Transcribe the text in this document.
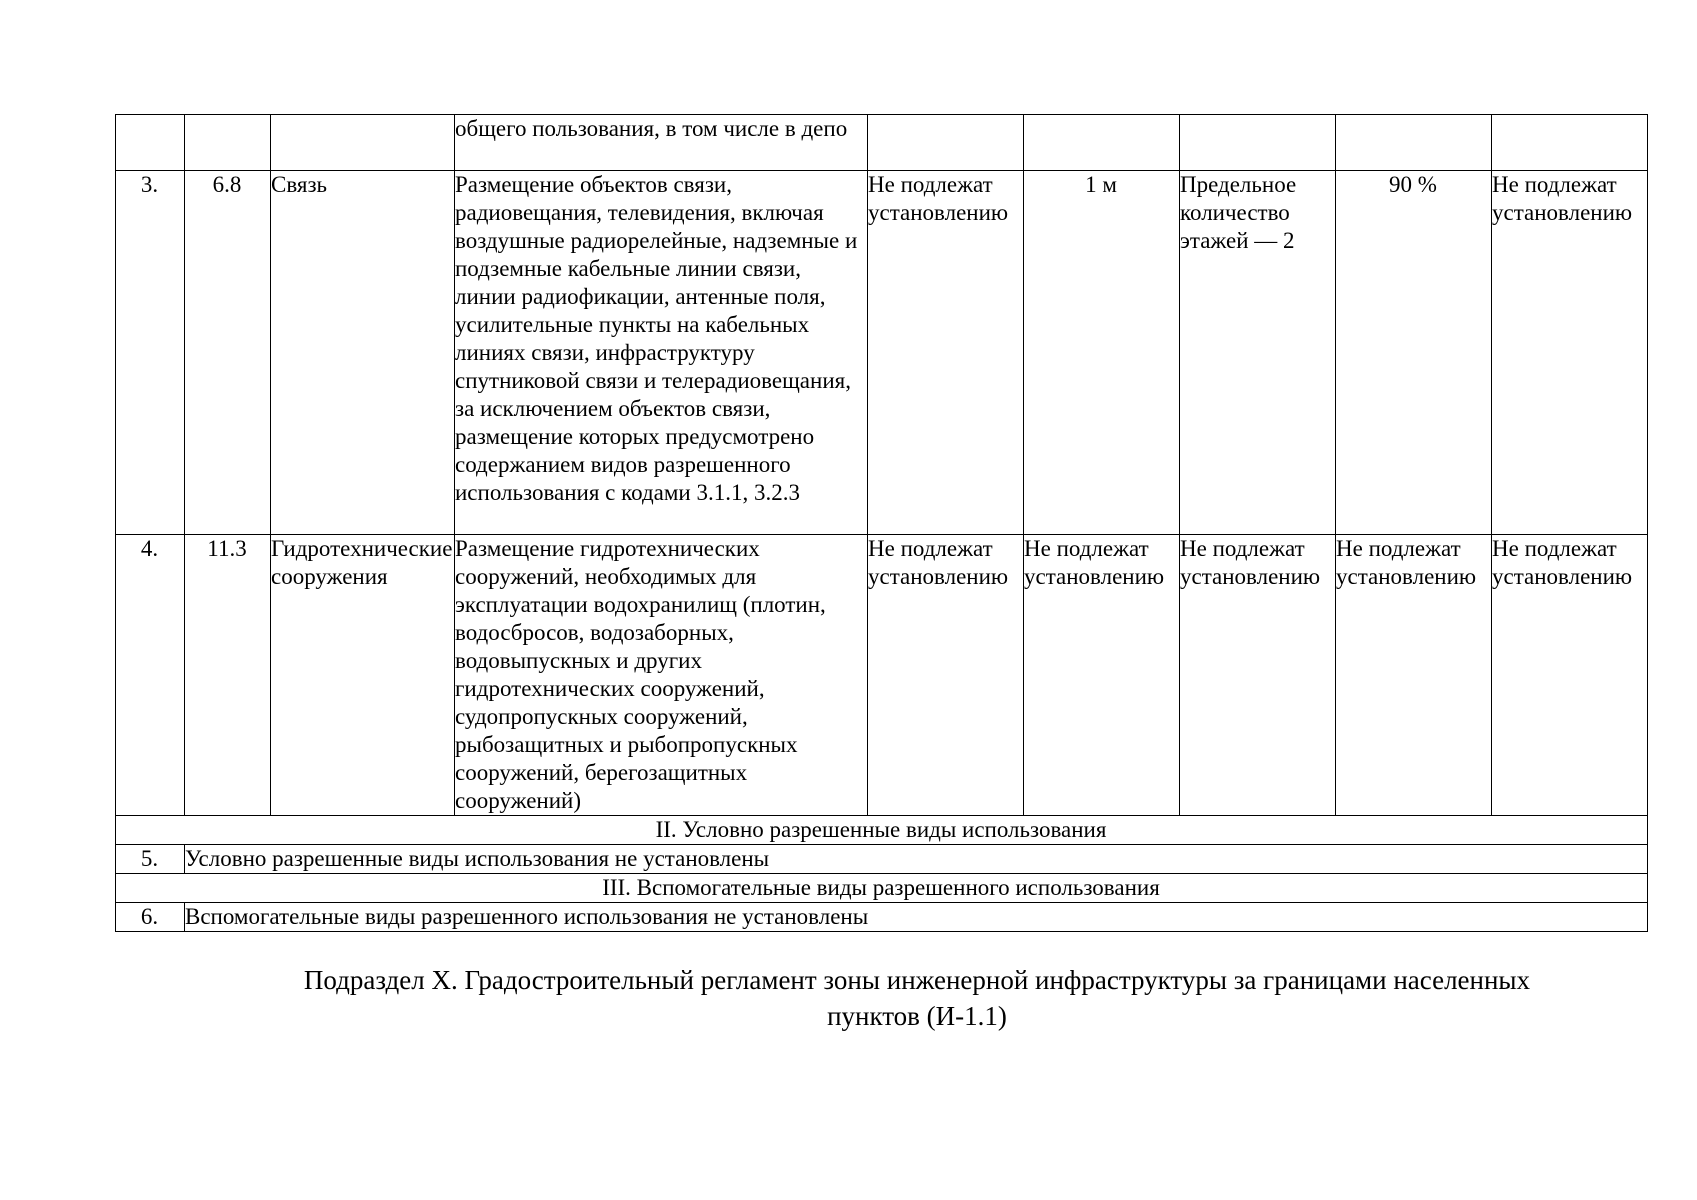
			общего пользования, в том числе в депо					
3.	6.8	Связь	Размещение объектов связи, радиовещания, телевидения, включая воздушные радиорелейные, надземные и подземные кабельные линии связи, линии радиофикации, антенные поля, усилительные пункты на кабельных линиях связи, инфраструктуру спутниковой связи и телерадиовещания, за исключением объектов связи, размещение которых предусмотрено содержанием видов разрешенного использования с кодами 3.1.1, 3.2.3	Не подлежат установлению	1 м	Предельное количество этажей — 2	90 %	Не подлежат установлению
4.	11.3	Гидротехнические сооружения	Размещение гидротехнических сооружений, необходимых для эксплуатации водохранилищ (плотин, водосбросов, водозаборных, водовыпускных и других гидротехнических сооружений, судопропускных сооружений, рыбозащитных и рыбопропускных сооружений, берегозащитных сооружений)	Не подлежат установлению	Не подлежат установлению	Не подлежат установлению	Не подлежат установлению	Не подлежат установлению
II. Условно разрешенные виды использования								
5.	Условно разрешенные виды использования не установлены							
III. Вспомогательные виды разрешенного использования								
6.	Вспомогательные виды разрешенного использования не установлены							
Подраздел X. Градостроительный регламент зоны инженерной инфраструктуры за границами населенных пунктов (И-1.1)
